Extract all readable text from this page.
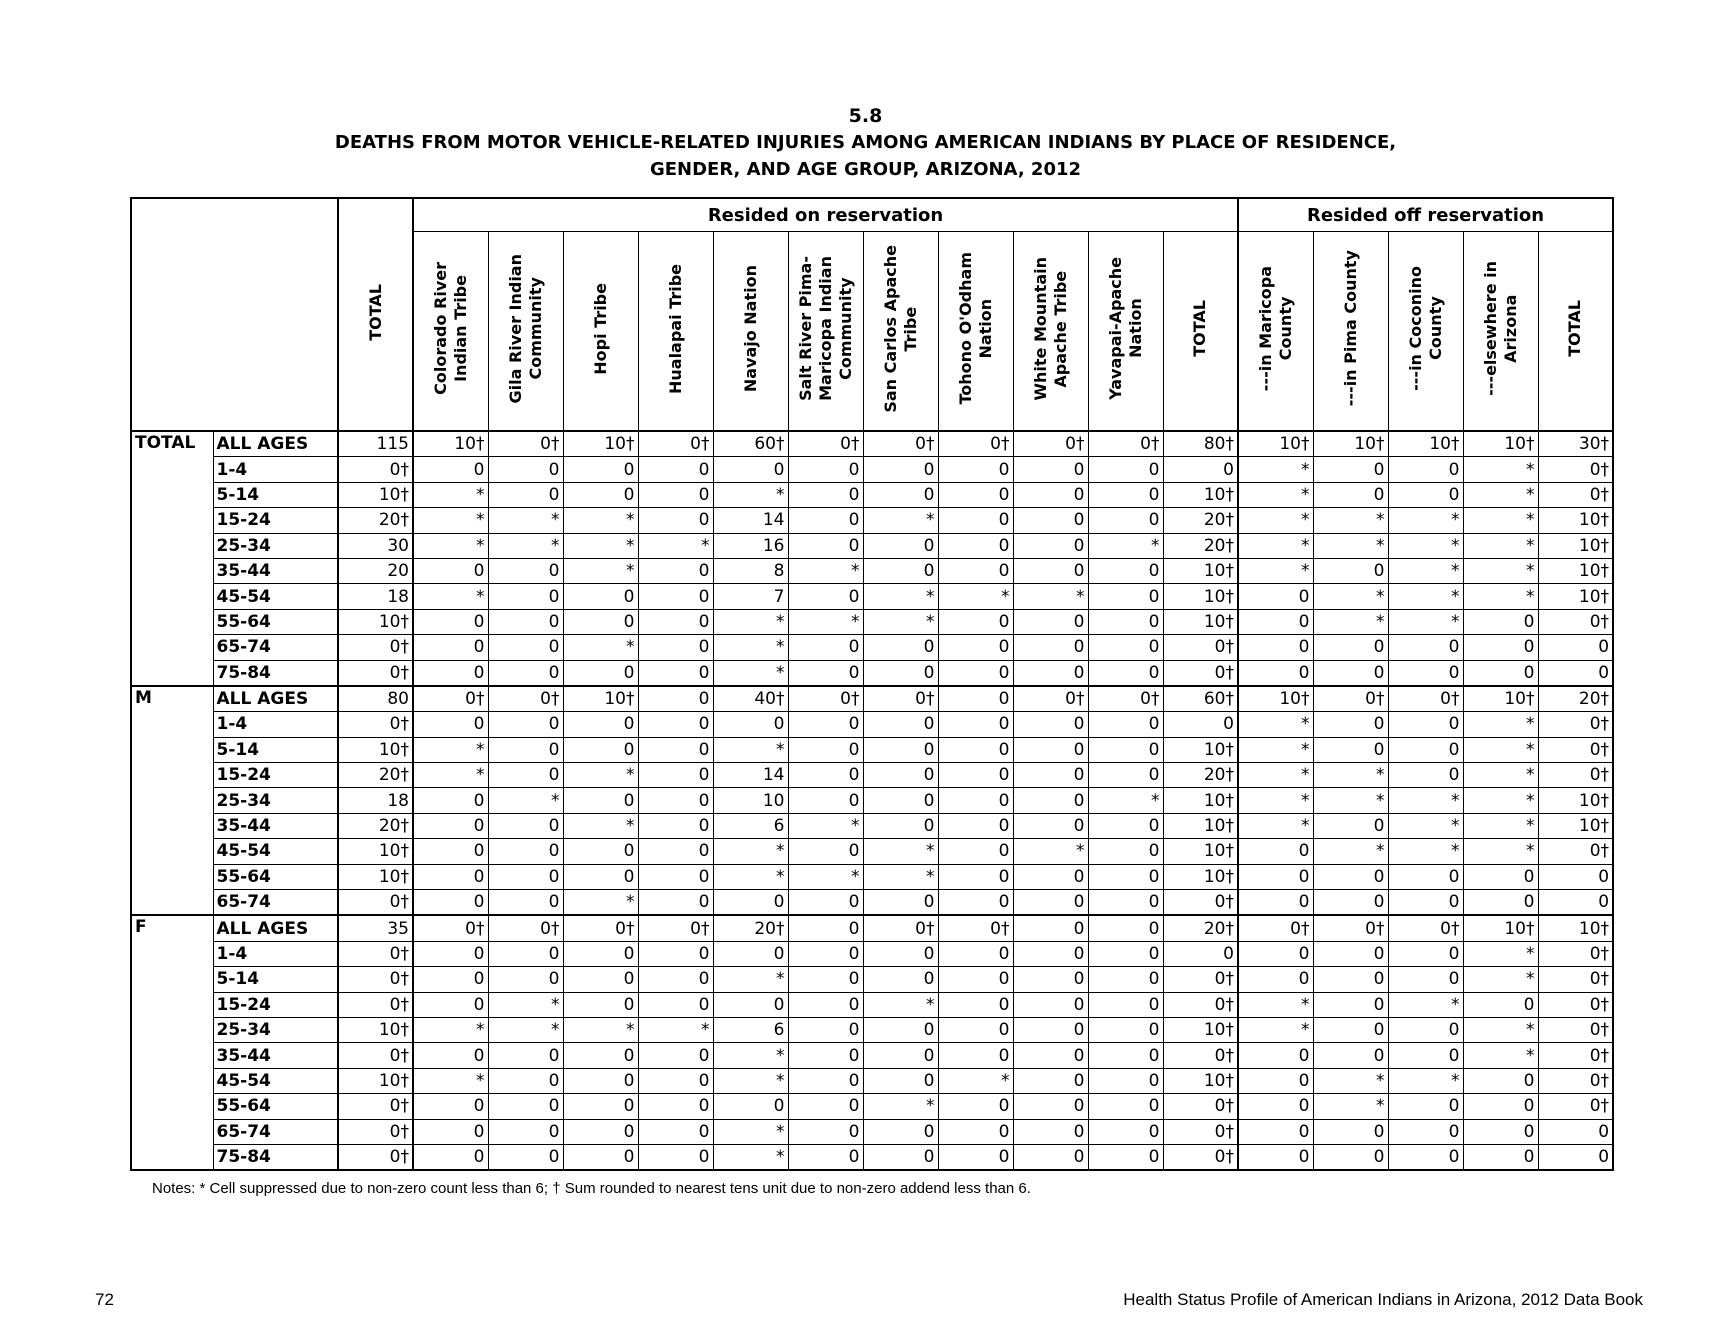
5.8
DEATHS FROM MOTOR VEHICLE-RELATED INJURIES AMONG AMERICAN INDIANS BY PLACE OF RESIDENCE,
GENDER, AND AGE GROUP, ARIZONA, 2012

		TOTAL	Resided on reservation											Resided off reservation				

			Colorado River Indian Tribe	Gila River Indian Community	Hopi Tribe	Hualapai Tribe	Navajo Nation	Salt River Pima- Maricopa Indian Community	San Carlos Apache Tribe	Tohono O'Odham Nation	White Mountain Apache Tribe	Yavapai-Apache Nation	TOTAL	---in Maricopa County	---in Pima County	---in Coconino County	---elsewhere in Arizona	TOTAL

TOTAL	ALL AGES	115	10†	0†	10†	0†	60†	0†	0†	0†	0†	0†	80†	10†	10†	10†	10†	30†
	1-4	0†	0	0	0	0	0	0	0	0	0	0	0	*	0	0	*	0†
	5-14	10†	*	0	0	0	*	0	0	0	0	0	10†	*	0	0	*	0†
	15-24	20†	*	*	*	0	14	0	*	0	0	0	20†	*	*	*	*	10†
	25-34	30	*	*	*	*	16	0	0	0	0	*	20†	*	*	*	*	10†
	35-44	20	0	0	*	0	8	*	0	0	0	0	10†	*	0	*	*	10†
	45-54	18	*	0	0	0	7	0	*	*	*	0	10†	0	*	*	*	10†
	55-64	10†	0	0	0	0	*	*	*	0	0	0	10†	0	*	*	0	0†
	65-74	0†	0	0	*	0	*	0	0	0	0	0	0†	0	0	0	0	0
	75-84	0†	0	0	0	0	*	0	0	0	0	0	0†	0	0	0	0	0
M	ALL AGES	80	0†	0†	10†	0	40†	0†	0†	0	0†	0†	60†	10†	0†	0†	10†	20†
	1-4	0†	0	0	0	0	0	0	0	0	0	0	0	*	0	0	*	0†
	5-14	10†	*	0	0	0	*	0	0	0	0	0	10†	*	0	0	*	0†
	15-24	20†	*	0	*	0	14	0	0	0	0	0	20†	*	*	0	*	0†
	25-34	18	0	*	0	0	10	0	0	0	0	*	10†	*	*	*	*	10†
	35-44	20†	0	0	*	0	6	*	0	0	0	0	10†	*	0	*	*	10†
	45-54	10†	0	0	0	0	*	0	*	0	*	0	10†	0	*	*	*	0†
	55-64	10†	0	0	0	0	*	*	*	0	0	0	10†	0	0	0	0	0
	65-74	0†	0	0	*	0	0	0	0	0	0	0	0†	0	0	0	0	0
F	ALL AGES	35	0†	0†	0†	0†	20†	0	0†	0†	0	0	20†	0†	0†	0†	10†	10†
	1-4	0†	0	0	0	0	0	0	0	0	0	0	0	0	0	0	*	0†
	5-14	0†	0	0	0	0	*	0	0	0	0	0	0†	0	0	0	*	0†
	15-24	0†	0	*	0	0	0	0	*	0	0	0	0†	*	0	*	0	0†
	25-34	10†	*	*	*	*	6	0	0	0	0	0	10†	*	0	0	*	0†
	35-44	0†	0	0	0	0	*	0	0	0	0	0	0†	0	0	0	*	0†
	45-54	10†	*	0	0	0	*	0	0	*	0	0	10†	0	*	*	0	0†
	55-64	0†	0	0	0	0	0	0	*	0	0	0	0†	0	*	0	0	0†
	65-74	0†	0	0	0	0	*	0	0	0	0	0	0†	0	0	0	0	0
	75-84	0†	0	0	0	0	*	0	0	0	0	0	0†	0	0	0	0	0
Notes: * Cell suppressed due to non-zero count less than 6; † Sum rounded to nearest tens unit due to non-zero addend less than 6.
72	Health Status Profile of American Indians in Arizona, 2012 Data Book
